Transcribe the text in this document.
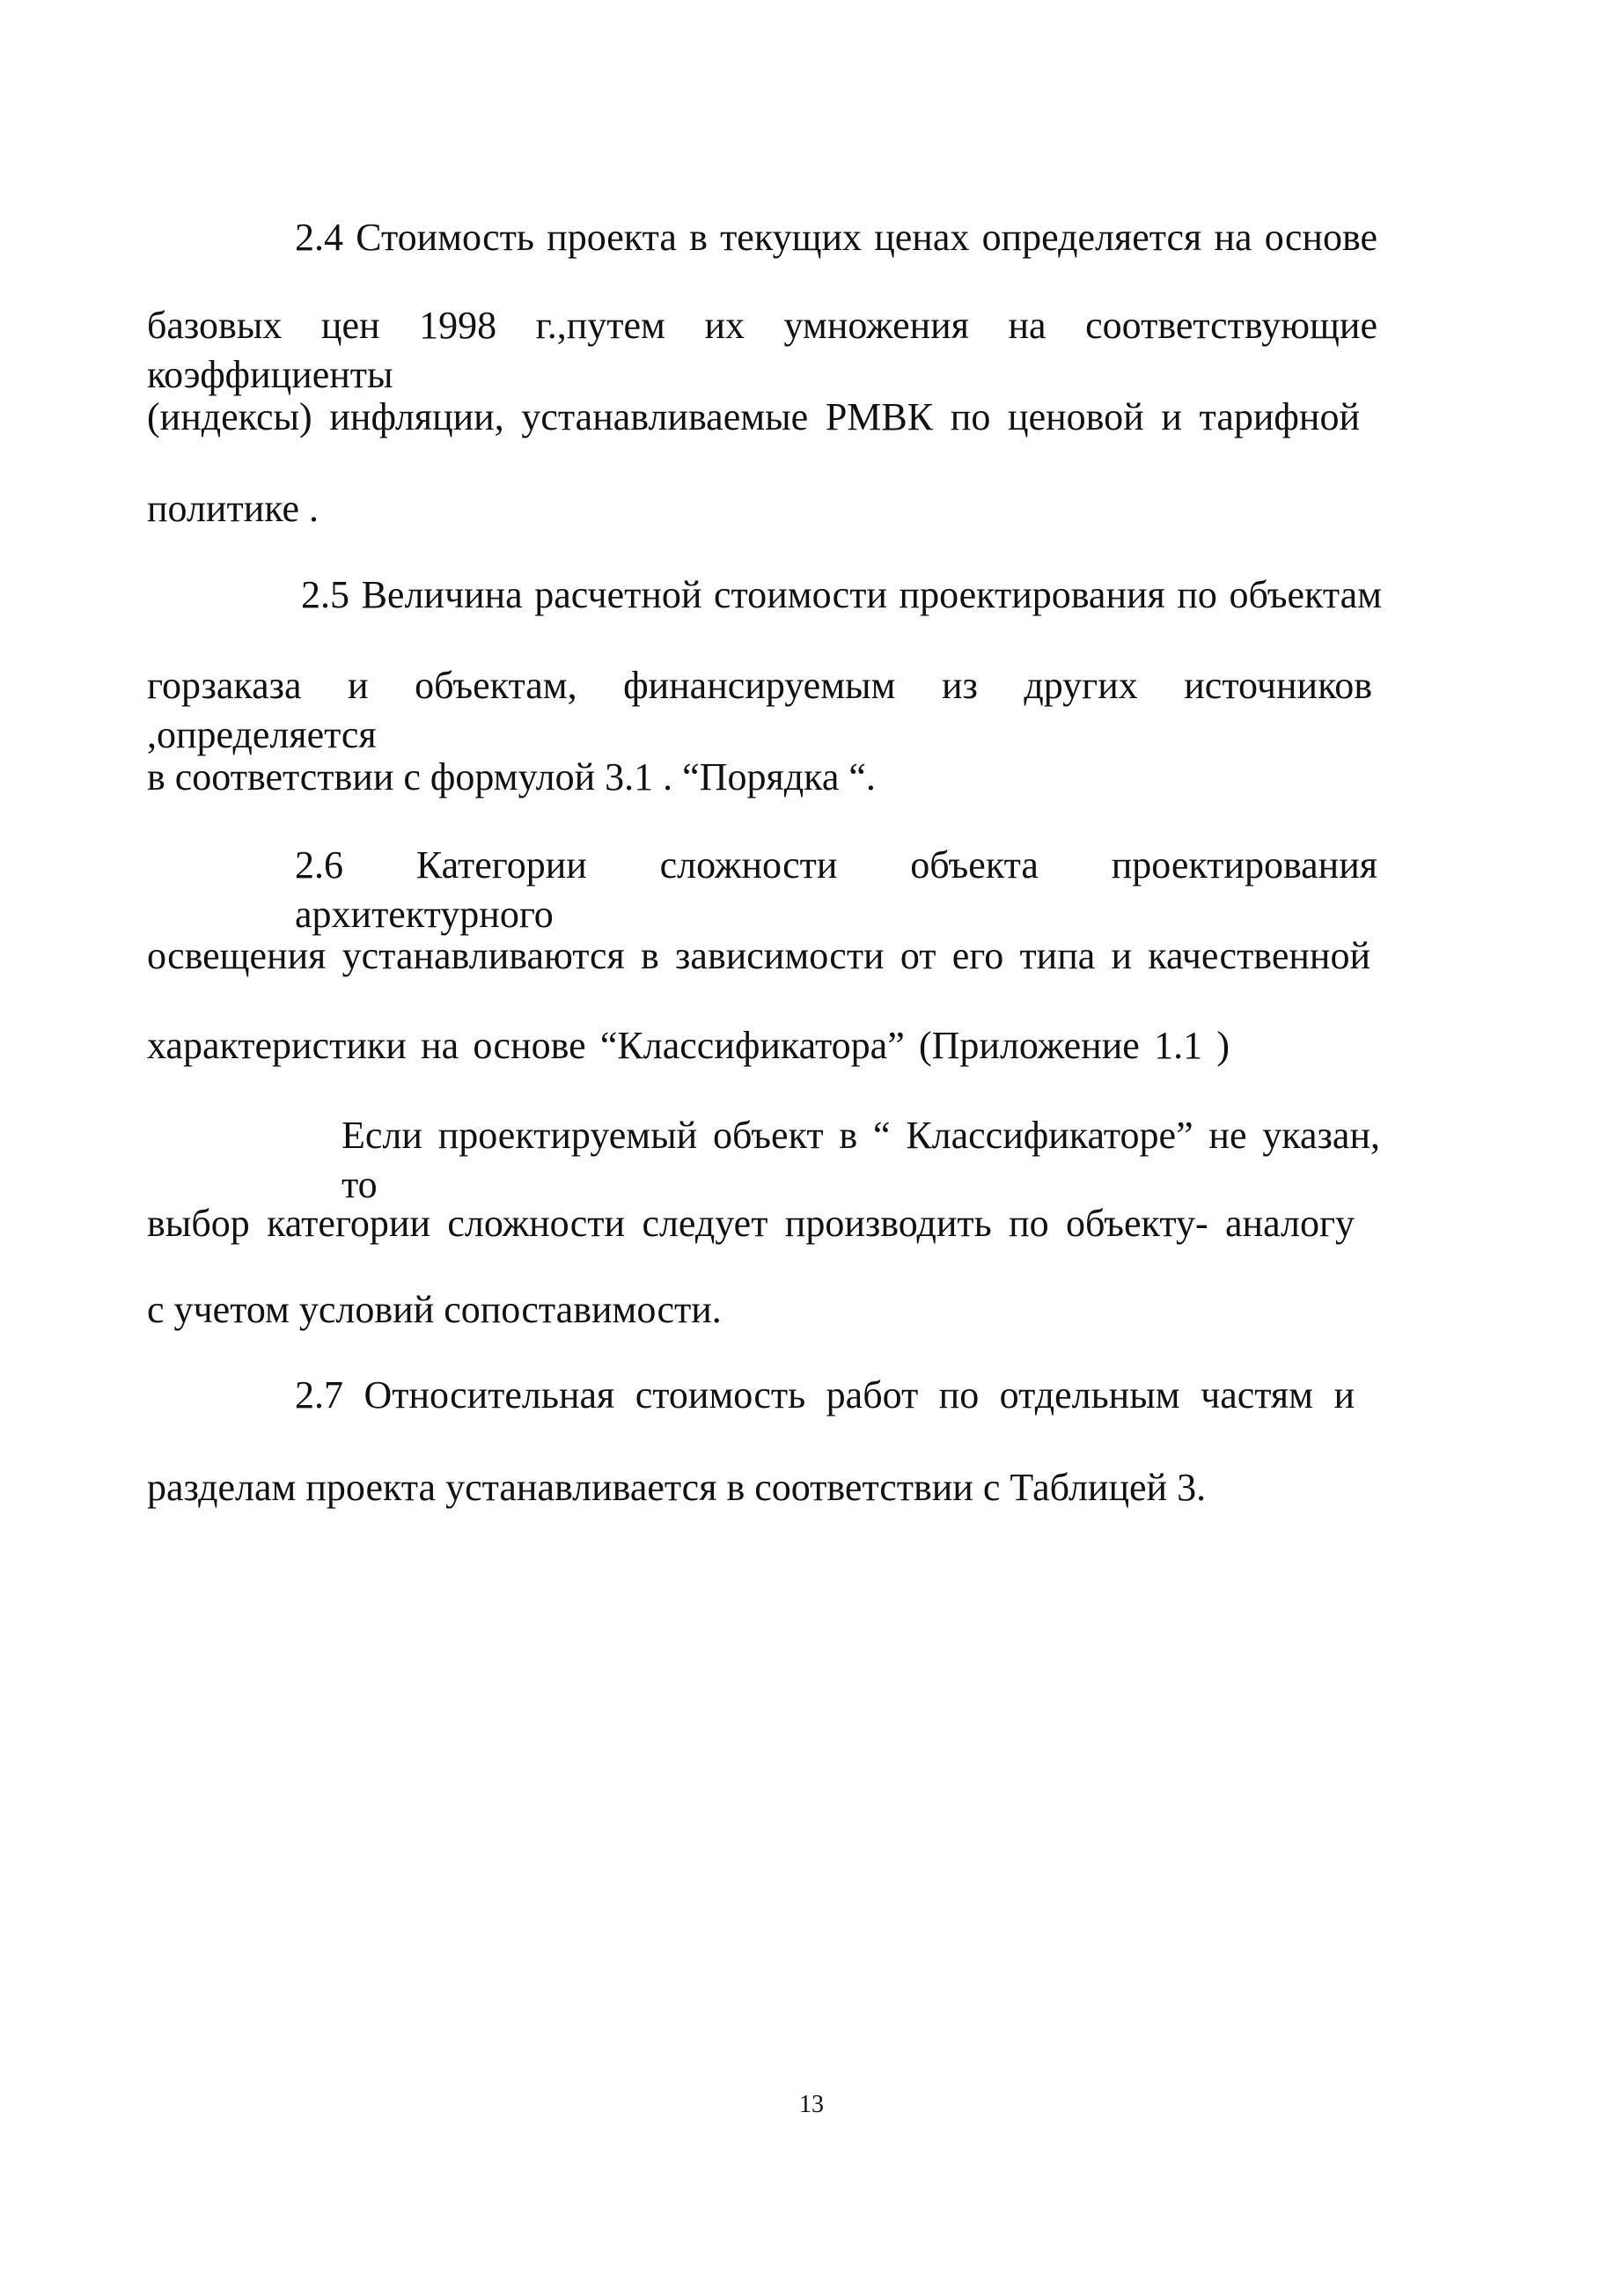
2.4 Стоимость проекта в текущих ценах определяется на основе
базовых цен 1998 г.,путем их умножения на соответствующие коэффициенты
(индексы) инфляции, устанавливаемые РМВК по ценовой и тарифной
политике .
2.5 Величина расчетной стоимости проектирования по объектам
горзаказа и объектам, финансируемым из других источников ,определяется
в соответствии с формулой 3.1 . “Порядка “.
2.6 Категории сложности объекта проектирования архитектурного
освещения устанавливаются в зависимости от его типа и качественной
характеристики на основе “Классификатора” (Приложение 1.1 )
Если проектируемый объект в “ Классификаторе” не указан, то
выбор категории сложности следует производить по объекту- аналогу
с учетом условий сопоставимости.
2.7 Относительная стоимость работ по отдельным частям и
разделам проекта устанавливается в соответствии с Таблицей 3.
13
